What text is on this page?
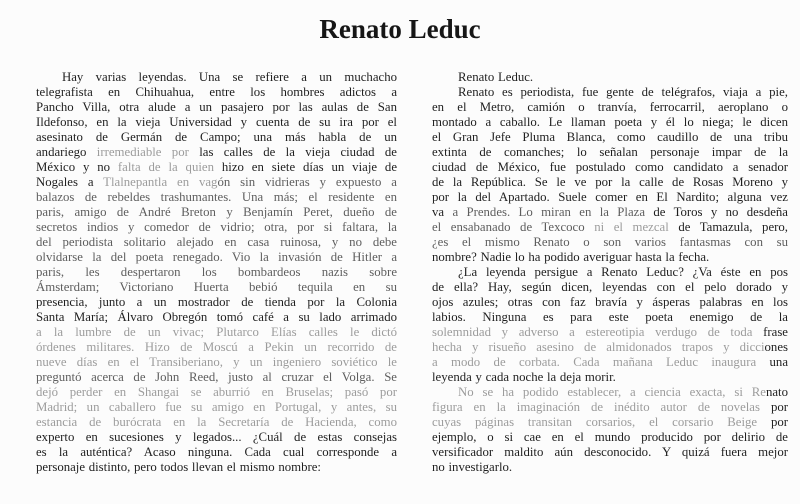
Renato Leduc
Hay varias leyendas. Una se refiere a un muchacho
telegrafista en Chihuahua, entre los hombres adictos a
Pancho Villa, otra alude a un pasajero por las aulas de San
Ildefonso, en la vieja Universidad y cuenta de su ira por el
asesinato de Germán de Campo; una más habla de un
andariego irremediable por las calles de la vieja ciudad de
México y no falta de la quien hizo en siete días un viaje de
Nogales a Tlalnepantla en vagón sin vidrieras y expuesto a
balazos de rebeldes trashumantes. Una más; el residente en
paris, amigo de André Breton y Benjamín Peret, dueño de
secretos indios y comedor de vidrio; otra, por si faltara, la
del periodista solitario alejado en casa ruinosa, y no debe
olvidarse la del poeta renegado. Vio la invasión de Hitler a
paris, les despertaron los bombardeos nazis sobre
Ámsterdam; Victoriano Huerta bebió tequila en su
presencia, junto a un mostrador de tienda por la Colonia
Santa María; Álvaro Obregón tomó café a su lado arrimado
a la lumbre de un vivac; Plutarco Elías calles le dictó
órdenes militares. Hizo de Moscú a Pekin un recorrido de
nueve días en el Transiberiano, y un ingeniero soviético le
preguntó acerca de John Reed, justo al cruzar el Volga. Se
dejó perder en Shangai se aburrió en Bruselas; pasó por
Madrid; un caballero fue su amigo en Portugal, y antes, su
estancia de burócrata en la Secretaría de Hacienda, como
experto en sucesiones y legados... ¿Cuál de estas consejas
es la auténtica? Acaso ninguna. Cada cual corresponde a
personaje distinto, pero todos llevan el mismo nombre:
Renato Leduc.
Renato es periodista, fue gente de telégrafos, viaja a pie,
en el Metro, camión o tranvía, ferrocarril, aeroplano o
montado a caballo. Le llaman poeta y él lo niega; le dicen
el Gran Jefe Pluma Blanca, como caudillo de una tribu
extinta de comanches; lo señalan personaje impar de la
ciudad de México, fue postulado como candidato a senador
de la República. Se le ve por la calle de Rosas Moreno y
por la del Apartado. Suele comer en El Nardito; alguna vez
va a Prendes. Lo miran en la Plaza de Toros y no desdeña
el ensabanado de Texcoco ni el mezcal de Tamazula, pero,
¿es el mismo Renato o son varios fantasmas con su
nombre? Nadie lo ha podido averiguar hasta la fecha.
¿La leyenda persigue a Renato Leduc? ¿Va éste en pos
de ella? Hay, según dicen, leyendas con el pelo dorado y
ojos azules; otras con faz bravía y ásperas palabras en los
labios. Ninguna es para este poeta enemigo de la
solemnidad y adverso a estereotipia verdugo de toda frase
hecha y risueño asesino de almidonados trapos y dicciones
a modo de corbata. Cada mañana Leduc inaugura una
leyenda y cada noche la deja morir.
No se ha podido establecer, a ciencia exacta, si Renato
figura en la imaginación de inédito autor de novelas por
cuyas páginas transitan corsarios, el corsario Beige por
ejemplo, o si cae en el mundo producido por delirio de
versificador maldito aún desconocido. Y quizá fuera mejor
no investigarlo.
